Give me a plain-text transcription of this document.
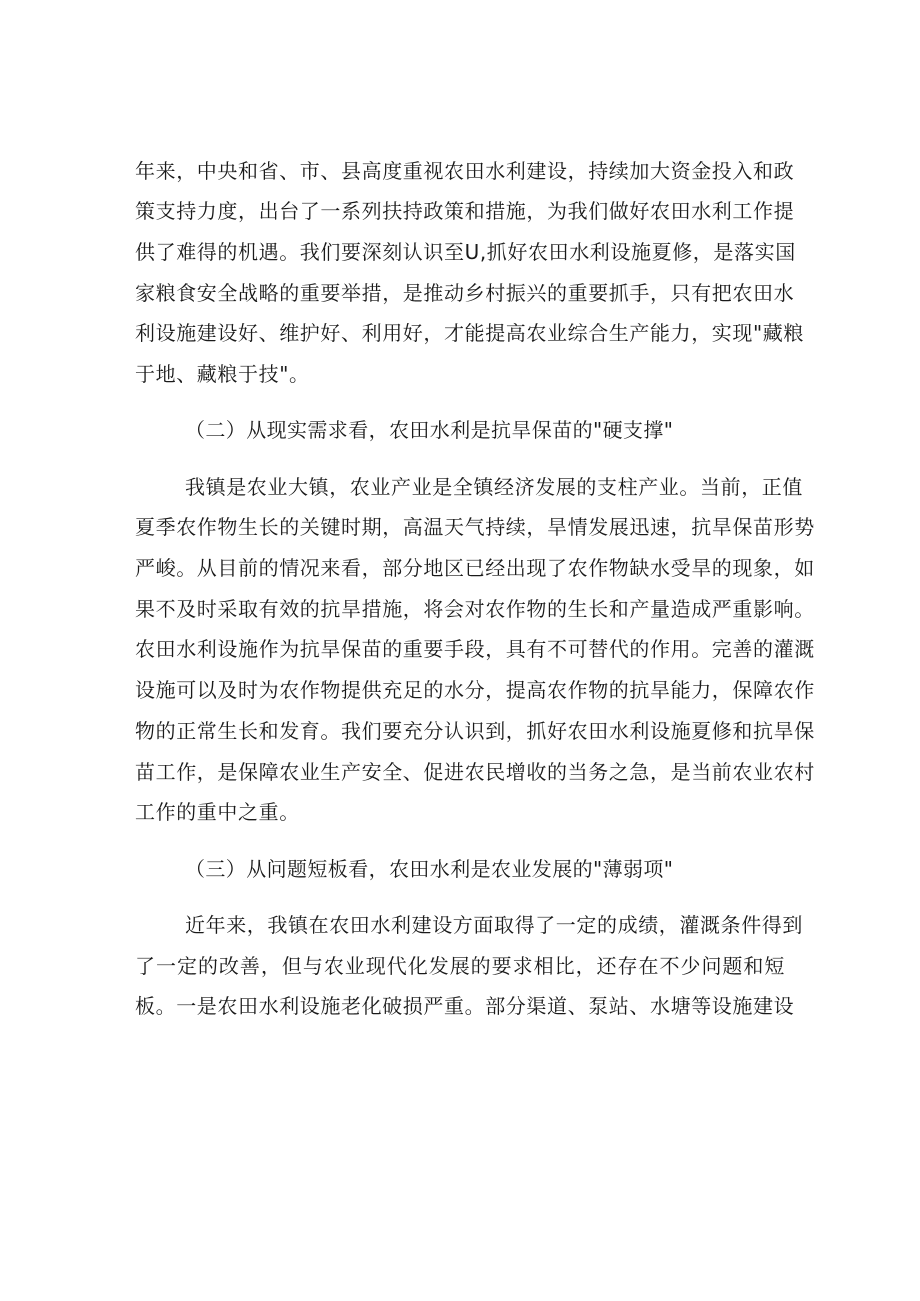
年来，中央和省、市、县高度重视农田水利建设，持续加大资金投入和政
策支持力度，出台了一系列扶持政策和措施，为我们做好农田水利工作提
供了难得的机遇。我们要深刻认识至U,抓好农田水利设施夏修，是落实国
家粮食安全战略的重要举措，是推动乡村振兴的重要抓手，只有把农田水
利设施建设好、维护好、利用好，才能提高农业综合生产能力，实现"藏粮
于地、藏粮于技"。
（二）从现实需求看，农田水利是抗旱保苗的"硬支撑"
我镇是农业大镇，农业产业是全镇经济发展的支柱产业。当前，正值
夏季农作物生长的关键时期，高温天气持续，旱情发展迅速，抗旱保苗形势
严峻。从目前的情况来看，部分地区已经出现了农作物缺水受旱的现象，如
果不及时采取有效的抗旱措施，将会对农作物的生长和产量造成严重影响。
农田水利设施作为抗旱保苗的重要手段，具有不可替代的作用。完善的灌溉
设施可以及时为农作物提供充足的水分，提高农作物的抗旱能力，保障农作
物的正常生长和发育。我们要充分认识到，抓好农田水利设施夏修和抗旱保
苗工作，是保障农业生产安全、促进农民增收的当务之急，是当前农业农村
工作的重中之重。
（三）从问题短板看，农田水利是农业发展的"薄弱项"
近年来，我镇在农田水利建设方面取得了一定的成绩，灌溉条件得到
了一定的改善，但与农业现代化发展的要求相比，还存在不少问题和短
板。一是农田水利设施老化破损严重。部分渠道、泵站、水塘等设施建设
